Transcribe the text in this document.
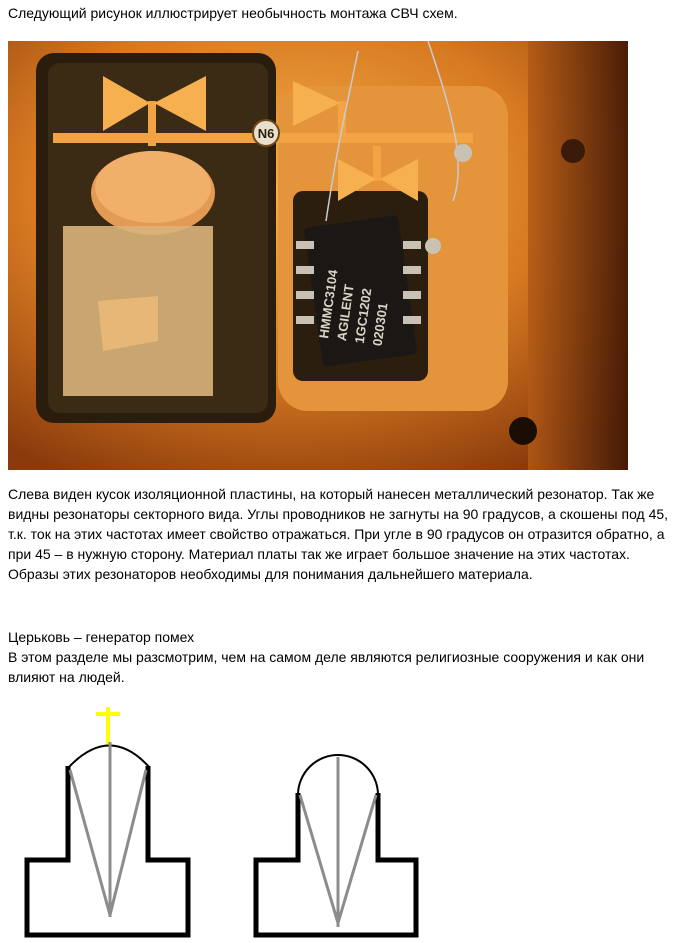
Следующий рисунок иллюстрирует необычность монтажа СВЧ схем.

N6
HMMC3104
AGILENT
1GC1202
020301

Слева виден кусок изоляционной пластины, на который нанесен металлический резонатор. Так же видны резонаторы секторного вида. Углы проводников не загнуты на 90 градусов, а скошены под 45, т.к. ток на этих частотах имеет свойство отражаться. При угле в 90 градусов он отразится обратно, а при 45 – в нужную сторону. Материал платы так же играет большое значение на этих частотах. Образы этих резонаторов необходимы для понимания дальнейшего материала.

Церьковь – генератор помех

В этом разделе мы разсмотрим, чем на самом деле являются религиозные сооружения и как они влияют на людей.
